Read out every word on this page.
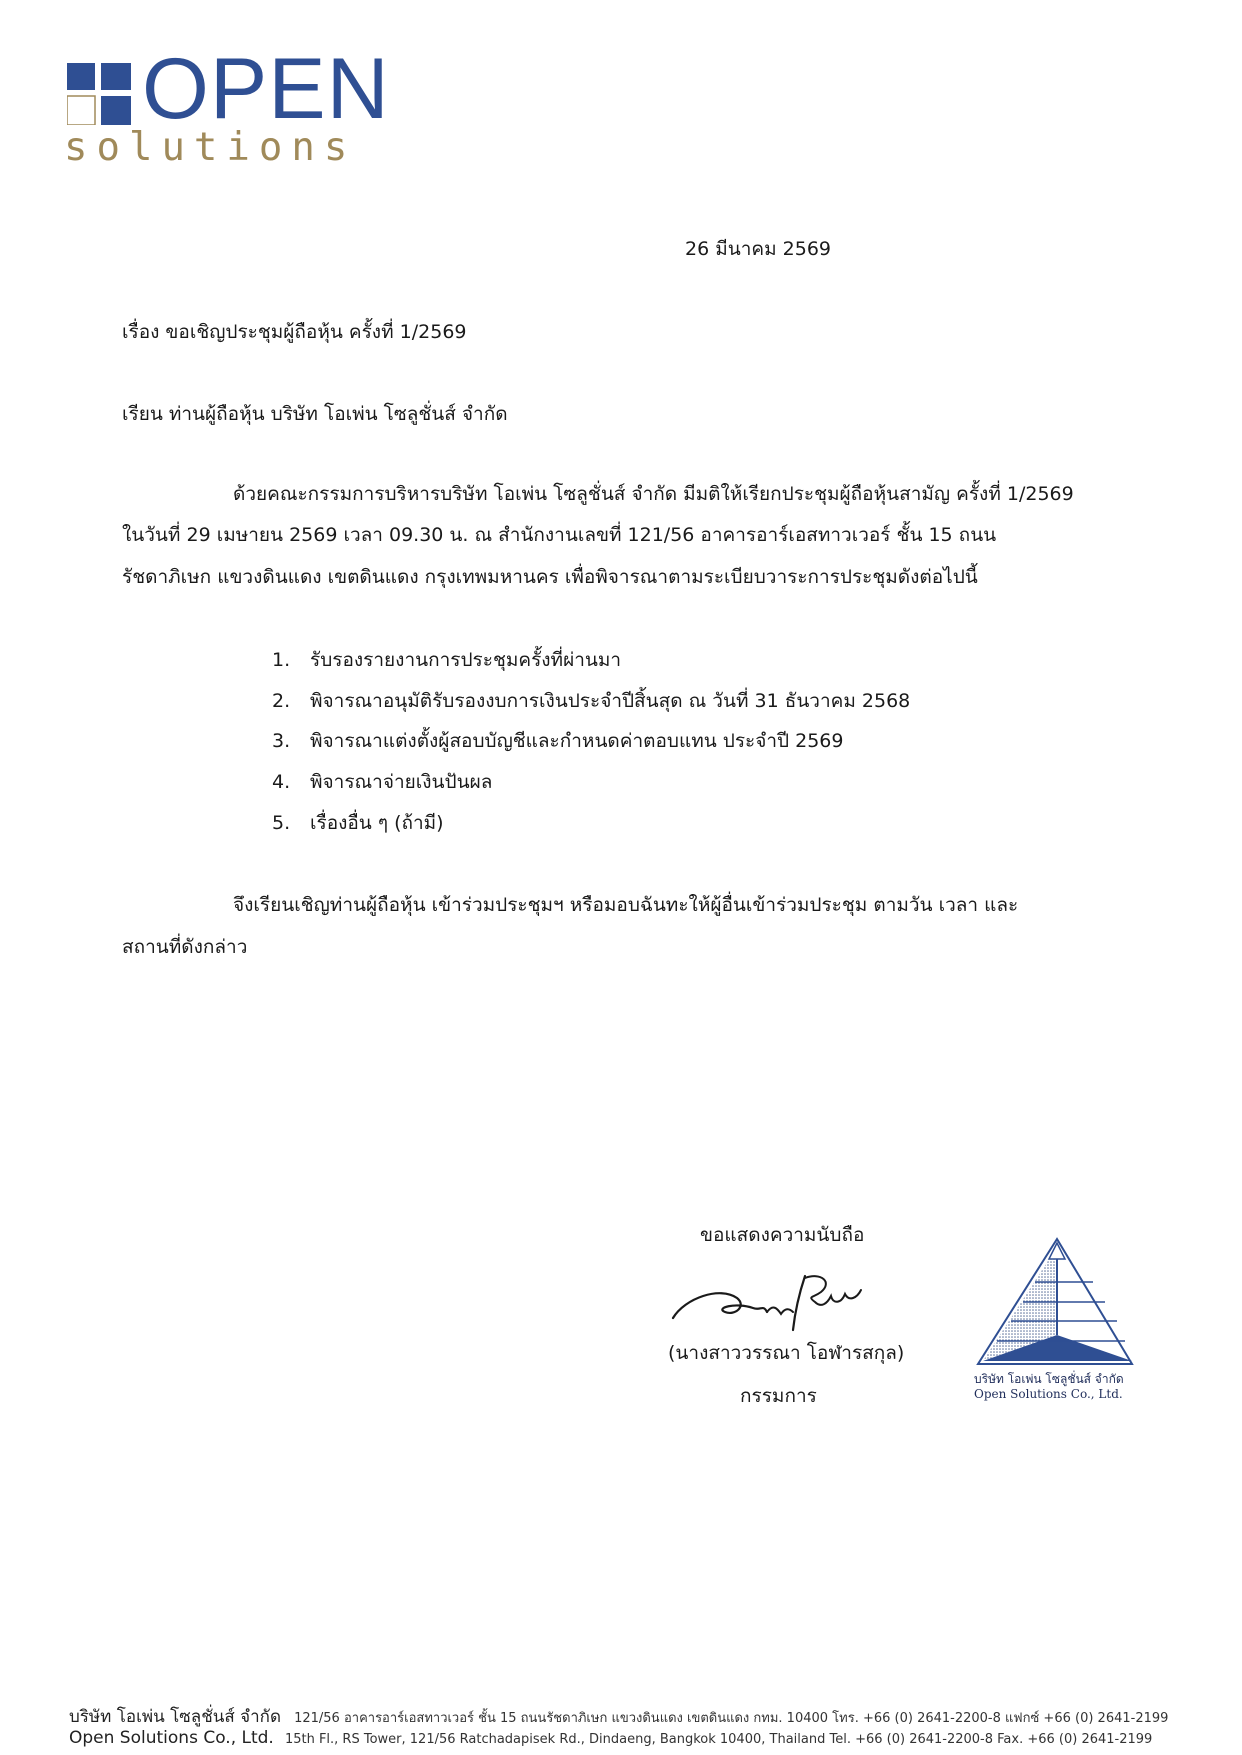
OPEN
solutions
26 มีนาคม 2569
เรื่อง ขอเชิญประชุมผู้ถือหุ้น ครั้งที่ 1/2569
เรียน ท่านผู้ถือหุ้น บริษัท โอเพ่น โซลูชั่นส์ จำกัด
ด้วยคณะกรรมการบริหารบริษัท โอเพ่น โซลูชั่นส์ จำกัด มีมติให้เรียกประชุมผู้ถือหุ้นสามัญ ครั้งที่ 1/2569
ในวันที่ 29 เมษายน 2569 เวลา 09.30 น. ณ สำนักงานเลขที่ 121/56 อาคารอาร์เอสทาวเวอร์ ชั้น 15 ถนน
รัชดาภิเษก แขวงดินแดง เขตดินแดง กรุงเทพมหานคร เพื่อพิจารณาตามระเบียบวาระการประชุมดังต่อไปนี้
1. รับรองรายงานการประชุมครั้งที่ผ่านมา
2. พิจารณาอนุมัติรับรองงบการเงินประจำปีสิ้นสุด ณ วันที่ 31 ธันวาคม 2568
3. พิจารณาแต่งตั้งผู้สอบบัญชีและกำหนดค่าตอบแทน ประจำปี 2569
4. พิจารณาจ่ายเงินปันผล
5. เรื่องอื่น ๆ (ถ้ามี)
จึงเรียนเชิญท่านผู้ถือหุ้น เข้าร่วมประชุมฯ หรือมอบฉันทะให้ผู้อื่นเข้าร่วมประชุม ตามวัน เวลา และ
สถานที่ดังกล่าว
ขอแสดงความนับถือ
(นางสาววรรณา โอฬารสกุล)
กรรมการ
บริษัท โอเพ่น โซลูชั่นส์ จำกัด
Open Solutions Co., Ltd.
บริษัท โอเพ่น โซลูชั่นส์ จำกัด 121/56 อาคารอาร์เอสทาวเวอร์ ชั้น 15 ถนนรัชดาภิเษก แขวงดินแดง เขตดินแดง กทม. 10400 โทร. +66 (0) 2641-2200-8 แฟกซ์ +66 (0) 2641-2199
Open Solutions Co., Ltd. 15th Fl., RS Tower, 121/56 Ratchadapisek Rd., Dindaeng, Bangkok 10400, Thailand Tel. +66 (0) 2641-2200-8 Fax. +66 (0) 2641-2199
